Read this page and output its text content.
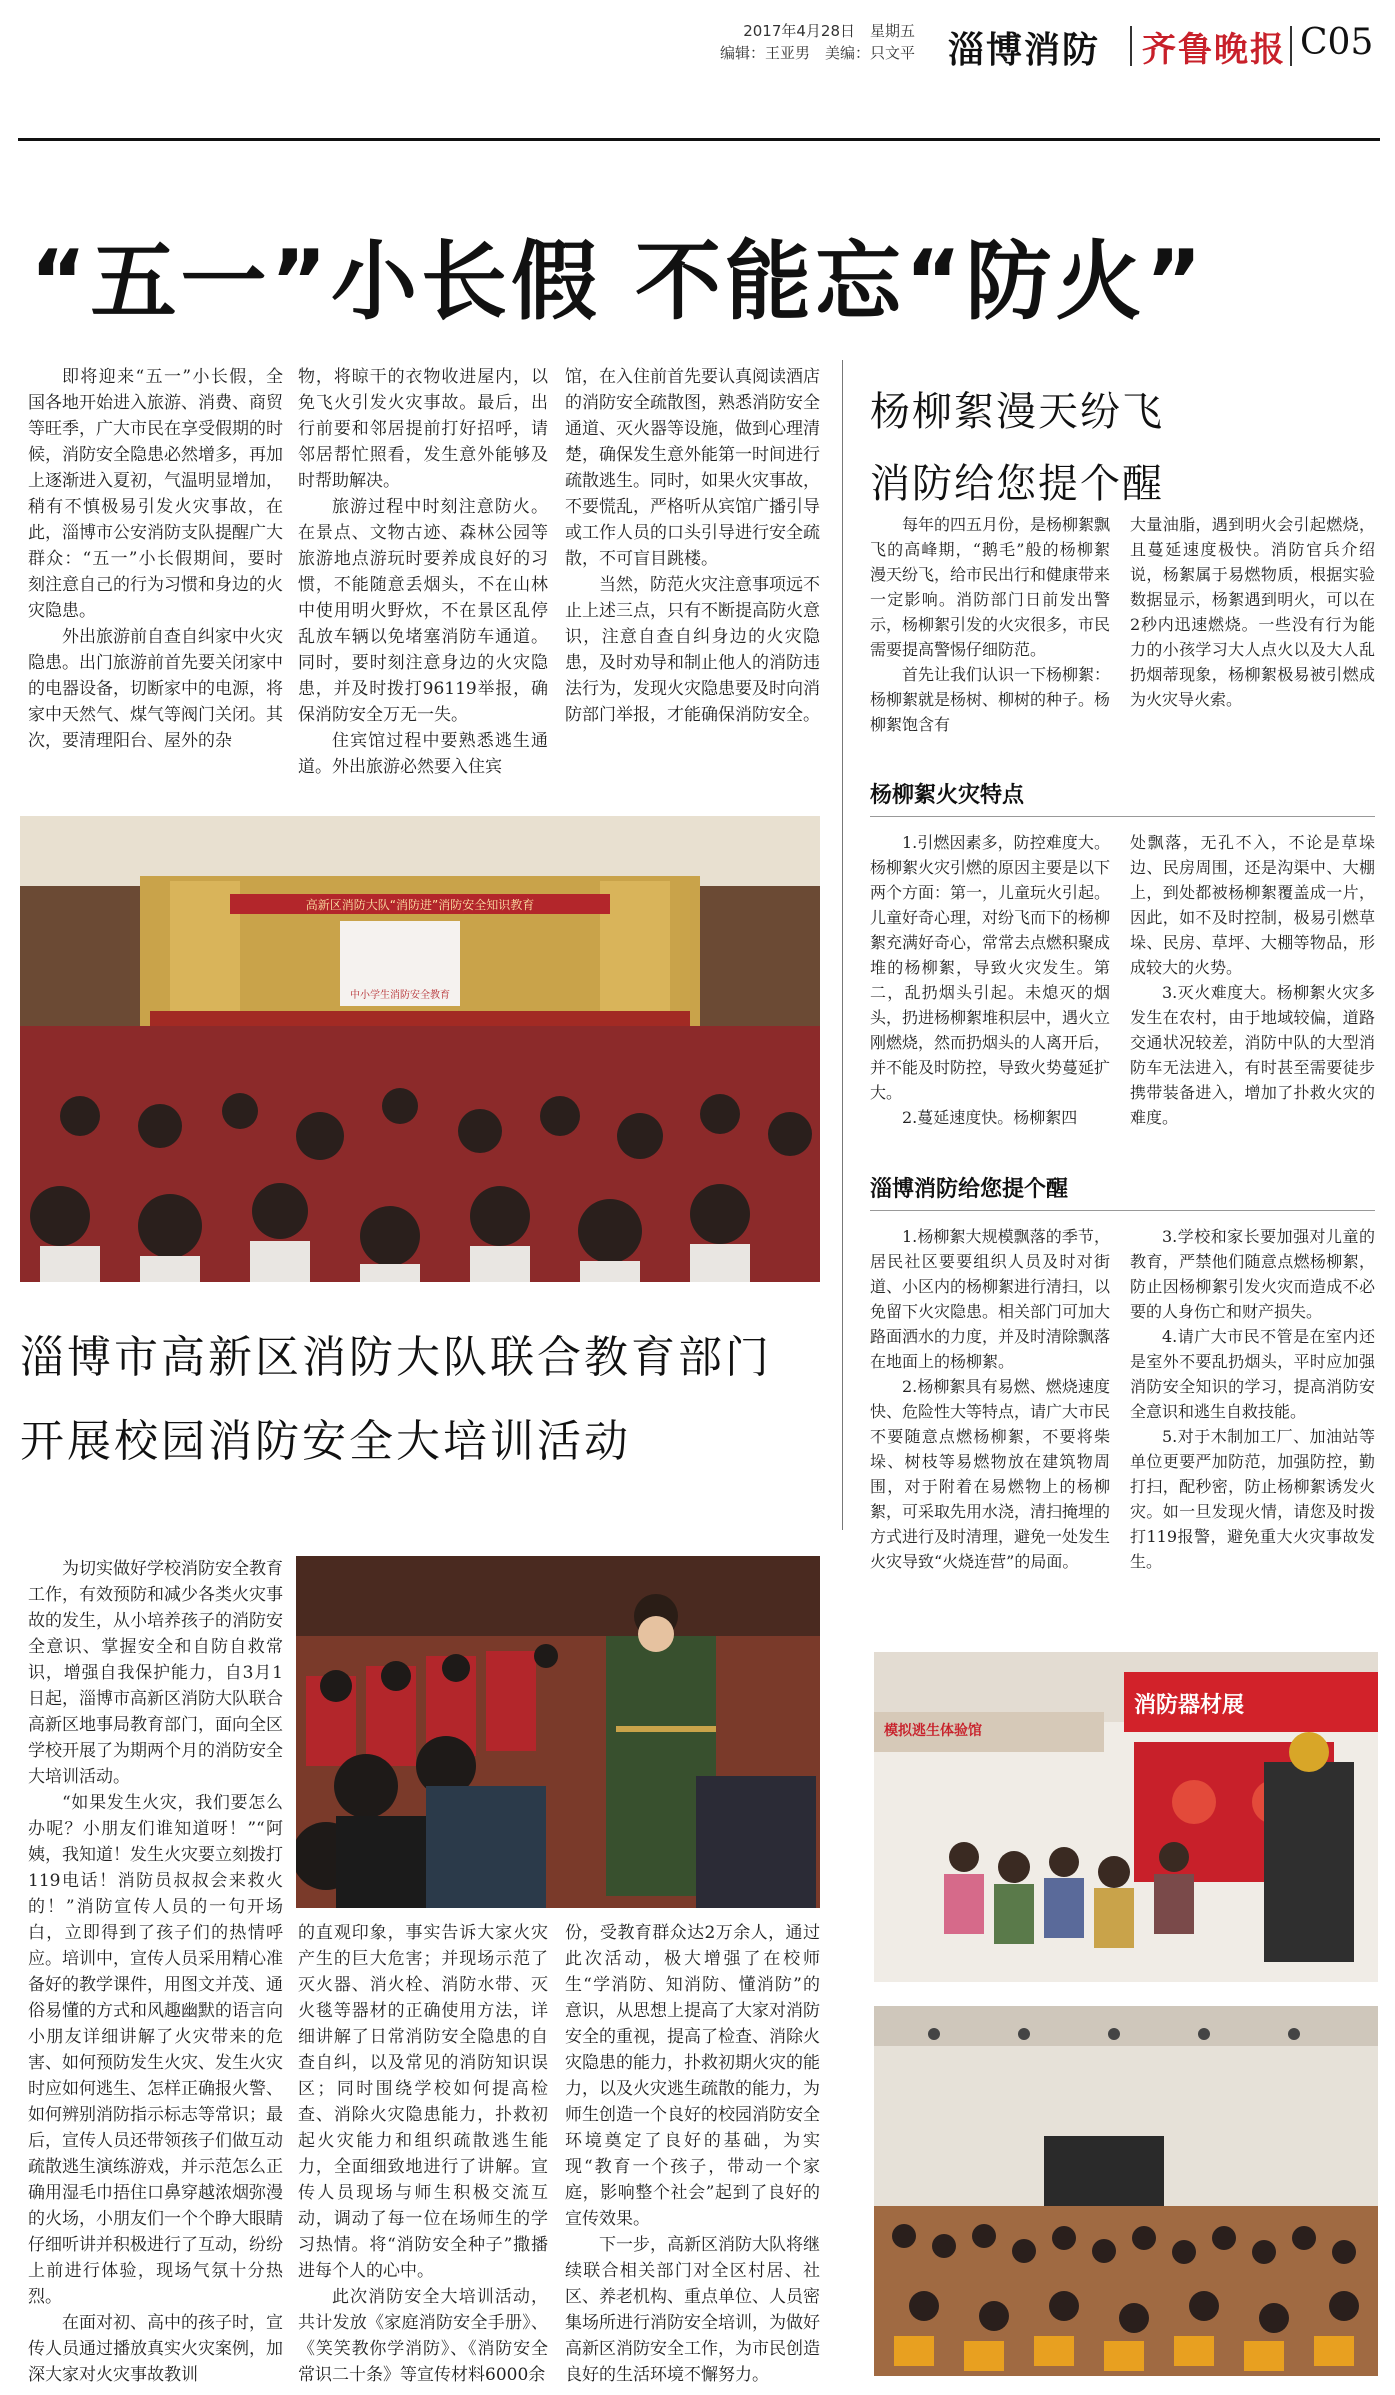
2017年4月28日　星期五
编辑：王亚男　美编：只文平 淄博消防 齐鲁晚报 C05
“五一”小长假 不能忘“防火”

即将迎来“五一”小长假，全国各地开始进入旅游、消费、商贸等旺季，广大市民在享受假期的时候，消防安全隐患必然增多，再加上逐渐进入夏初，气温明显增加，稍有不慎极易引发火灾事故，在此，淄博市公安消防支队提醒广大群众：“五一”小长假期间，要时刻注意自己的行为习惯和身边的火灾隐患。

外出旅游前自查自纠家中火灾隐患。出门旅游前首先要关闭家中的电器设备，切断家中的电源，将家中天然气、煤气等阀门关闭。其次，要清理阳台、屋外的杂

物，将晾干的衣物收进屋内，以免飞火引发火灾事故。最后，出行前要和邻居提前打好招呼，请邻居帮忙照看，发生意外能够及时帮助解决。

旅游过程中时刻注意防火。在景点、文物古迹、森林公园等旅游地点游玩时要养成良好的习惯，不能随意丢烟头，不在山林中使用明火野炊，不在景区乱停乱放车辆以免堵塞消防车通道。同时，要时刻注意身边的火灾隐患，并及时拨打96119举报，确保消防安全万无一失。

住宾馆过程中要熟悉逃生通道。外出旅游必然要入住宾

馆，在入住前首先要认真阅读酒店的消防安全疏散图，熟悉消防安全通道、灭火器等设施，做到心理清楚，确保发生意外能第一时间进行疏散逃生。同时，如果火灾事故，不要慌乱，严格听从宾馆广播引导或工作人员的口头引导进行安全疏散，不可盲目跳楼。

当然，防范火灾注意事项远不止上述三点，只有不断提高防火意识，注意自查自纠身边的火灾隐患，及时劝导和制止他人的消防违法行为，发现火灾隐患要及时向消防部门举报，才能确保消防安全。

杨柳絮漫天纷飞
消防给您提个醒

每年的四五月份，是杨柳絮飘飞的高峰期，“鹅毛”般的杨柳絮漫天纷飞，给市民出行和健康带来一定影响。消防部门日前发出警示，杨柳絮引发的火灾很多，市民需要提高警惕仔细防范。

首先让我们认识一下杨柳絮：杨柳絮就是杨树、柳树的种子。杨柳絮饱含有

大量油脂，遇到明火会引起燃烧，且蔓延速度极快。消防官兵介绍说，杨絮属于易燃物质，根据实验数据显示，杨絮遇到明火，可以在2秒内迅速燃烧。一些没有行为能力的小孩学习大人点火以及大人乱扔烟蒂现象，杨柳絮极易被引燃成为火灾导火索。

杨柳絮火灾特点

1.引燃因素多，防控难度大。杨柳絮火灾引燃的原因主要是以下两个方面：第一，儿童玩火引起。儿童好奇心理，对纷飞而下的杨柳絮充满好奇心，常常去点燃积聚成堆的杨柳絮，导致火灾发生。第二，乱扔烟头引起。未熄灭的烟头，扔进杨柳絮堆积层中，遇火立刚燃烧，然而扔烟头的人离开后，并不能及时防控，导致火势蔓延扩大。

2.蔓延速度快。杨柳絮四

处飘落，无孔不入，不论是草垛边、民房周围，还是沟渠中、大棚上，到处都被杨柳絮覆盖成一片，因此，如不及时控制，极易引燃草垛、民房、草坪、大棚等物品，形成较大的火势。

3.灭火难度大。杨柳絮火灾多发生在农村，由于地域较偏，道路交通状况较差，消防中队的大型消防车无法进入，有时甚至需要徒步携带装备进入，增加了扑救火灾的难度。

淄博消防给您提个醒

1.杨柳絮大规模飘落的季节，居民社区要要组织人员及时对街道、小区内的杨柳絮进行清扫，以免留下火灾隐患。相关部门可加大路面洒水的力度，并及时清除飘落在地面上的杨柳絮。

2.杨柳絮具有易燃、燃烧速度快、危险性大等特点，请广大市民不要随意点燃杨柳絮，不要将柴垛、树枝等易燃物放在建筑物周围，对于附着在易燃物上的杨柳絮，可采取先用水浇，清扫掩埋的方式进行及时清理，避免一处发生火灾导致“火烧连营”的局面。

3.学校和家长要加强对儿童的教育，严禁他们随意点燃杨柳絮，防止因杨柳絮引发火灾而造成不必要的人身伤亡和财产损失。

4.请广大市民不管是在室内还是室外不要乱扔烟头，平时应加强消防安全知识的学习，提高消防安全意识和逃生自救技能。

5.对于木制加工厂、加油站等单位更要严加防范，加强防控，勤打扫，配秒密，防止杨柳絮诱发火灾。如一旦发现火情，请您及时拨打119报警，避免重大火灾事故发生。

高新区消防大队“消防进”消防安全知识教育
中小学生消防安全教育
淄博市高新区消防大队联合教育部门
开展校园消防安全大培训活动

为切实做好学校消防安全教育工作，有效预防和减少各类火灾事故的发生，从小培养孩子的消防安全意识、掌握安全和自防自救常识，增强自我保护能力，自3月1日起，淄博市高新区消防大队联合高新区地事局教育部门，面向全区学校开展了为期两个月的消防安全大培训活动。

“如果发生火灾，我们要怎么办呢？小朋友们谁知道呀！”“阿姨，我知道！发生火灾要立刻拨打119电话！消防员叔叔会来救火的！”消防宣传人员的一句开场白，立即得到了孩子们的热情呼应。培训中，宣传人员采用精心准备好的教学课件，用图文并茂、通俗易懂的方式和风趣幽默的语言向小朋友详细讲解了火灾带来的危害、如何预防发生火灾、发生火灾时应如何逃生、怎样正确报火警、如何辨别消防指示标志等常识；最后，宣传人员还带领孩子们做互动疏散逃生演练游戏，并示范怎么正确用湿毛巾捂住口鼻穿越浓烟弥漫的火场，小朋友们一个个睁大眼睛仔细听讲并积极进行了互动，纷纷上前进行体验，现场气氛十分热烈。

在面对初、高中的孩子时，宣传人员通过播放真实火灾案例，加深大家对火灾事故教训

的直观印象，事实告诉大家火灾产生的巨大危害；并现场示范了灭火器、消火栓、消防水带、灭火毯等器材的正确使用方法，详细讲解了日常消防安全隐患的自查自纠，以及常见的消防知识误区；同时围绕学校如何提高检查、消除火灾隐患能力，扑救初起火灾能力和组织疏散逃生能力，全面细致地进行了讲解。宣传人员现场与师生积极交流互动，调动了每一位在场师生的学习热情。将“消防安全种子”撒播进每个人的心中。

此次消防安全大培训活动，共计发放《家庭消防安全手册》、《笑笑教你学消防》、《消防安全常识二十条》等宣传材料6000余

份，受教育群众达2万余人，通过此次活动，极大增强了在校师生“学消防、知消防、懂消防”的意识，从思想上提高了大家对消防安全的重视，提高了检查、消除火灾隐患的能力，扑救初期火灾的能力，以及火灾逃生疏散的能力，为师生创造一个良好的校园消防安全环境奠定了良好的基础，为实现“教育一个孩子，带动一个家庭，影响整个社会”起到了良好的宣传效果。

下一步，高新区消防大队将继续联合相关部门对全区村居、社区、养老机构、重点单位、人员密集场所进行消防安全培训，为做好高新区消防安全工作，为市民创造良好的生活环境不懈努力。

模拟逃生体验馆
消防器材展
